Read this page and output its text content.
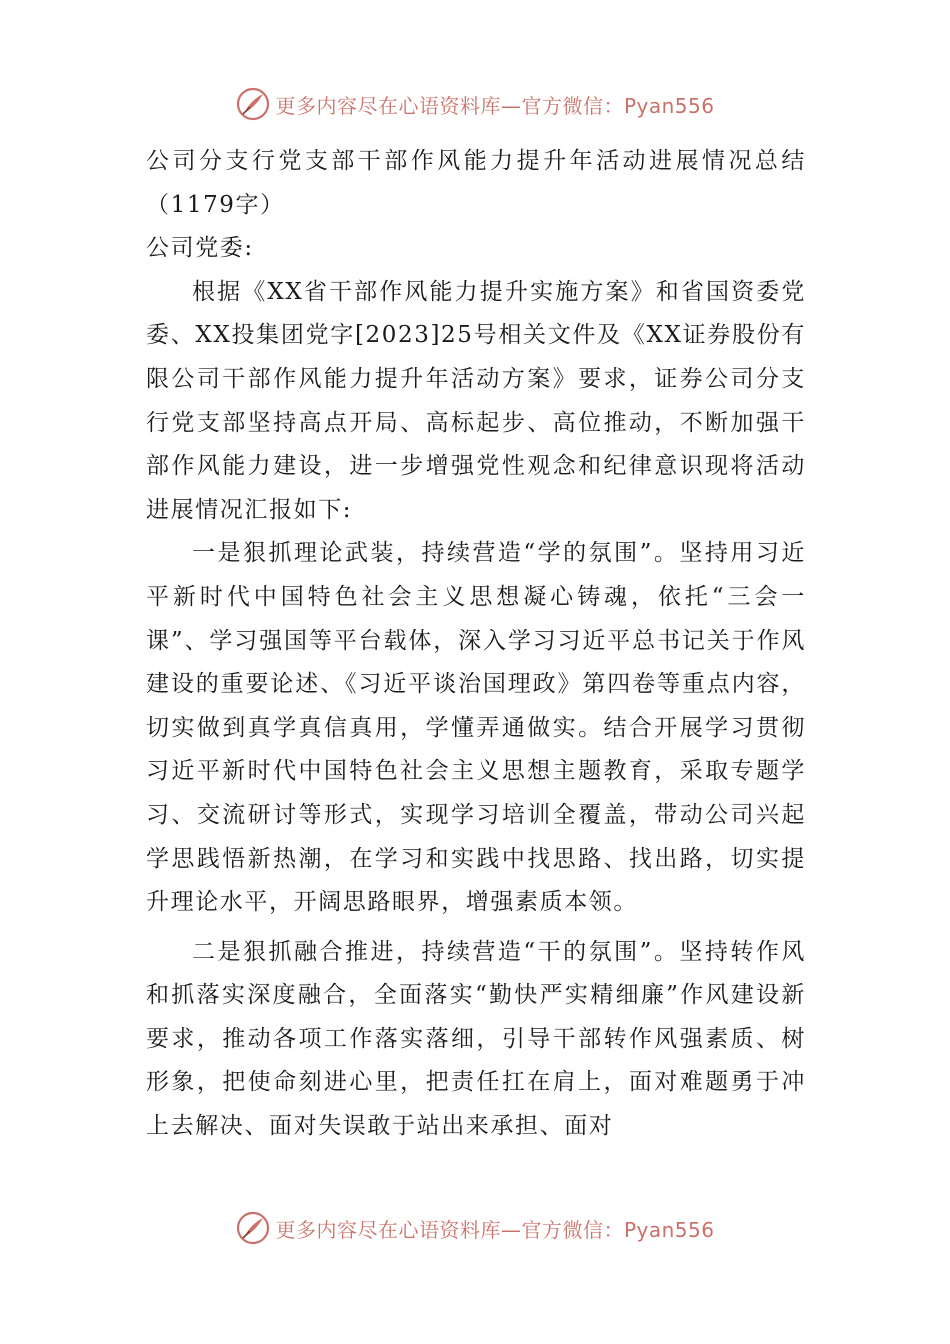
更多内容尽在心语资料库—官方微信：Pyan556

公司分支行党支部干部作风能力提升年活动进展情况总结（1179字）

公司党委:

根据《XX省干部作风能力提升实施方案》和省国资委党委、XX投集团党字[2023]25号相关文件及《XX证券股份有限公司干部作风能力提升年活动方案》要求，证券公司分支行党支部坚持高点开局、高标起步、高位推动，不断加强干部作风能力建设，进一步增强党性观念和纪律意识现将活动进展情况汇报如下:

一是狠抓理论武装，持续营造“学的氛围”。坚持用习近平新时代中国特色社会主义思想凝心铸魂，依托“三会一课”、学习强国等平台载体，深入学习习近平总书记关于作风建设的重要论述、《习近平谈治国理政》第四卷等重点内容，切实做到真学真信真用，学懂弄通做实。结合开展学习贯彻习近平新时代中国特色社会主义思想主题教育，采取专题学习、交流研讨等形式，实现学习培训全覆盖，带动公司兴起学思践悟新热潮，在学习和实践中找思路、找出路，切实提升理论水平，开阔思路眼界，增强素质本领。

二是狠抓融合推进，持续营造“干的氛围”。坚持转作风和抓落实深度融合，全面落实“勤快严实精细廉”作风建设新要求，推动各项工作落实落细，引导干部转作风强素质、树形象，把使命刻进心里，把责任扛在肩上，面对难题勇于冲上去解决、面对失误敢于站出来承担、面对

更多内容尽在心语资料库—官方微信：Pyan556
